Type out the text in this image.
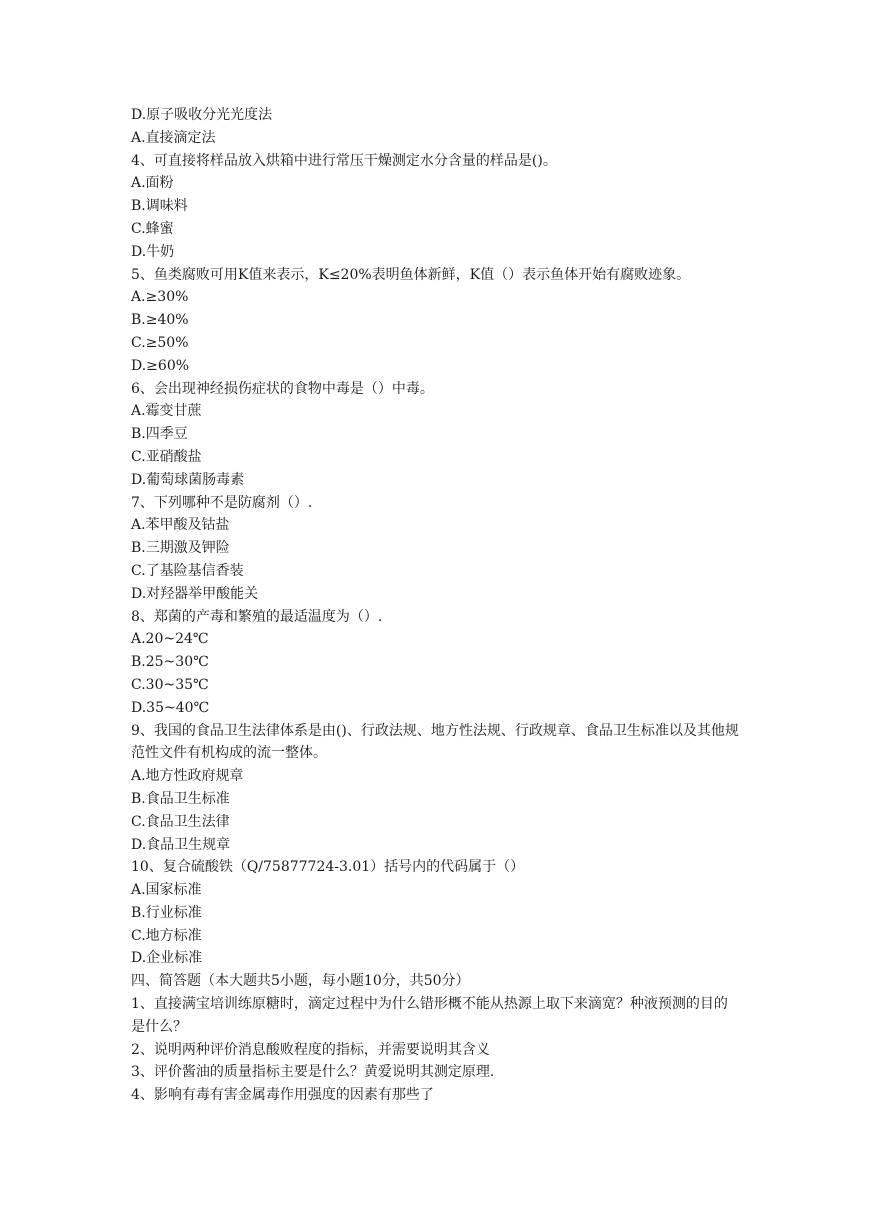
D.原子吸收分光光度法
A.直接滴定法
4、可直接将样品放入烘箱中进行常压干燥测定水分含量的样品是()。
A.面粉
B.调味料
C.蜂蜜
D.牛奶
5、鱼类腐败可用K值来表示，K≤20%表明鱼体新鲜，K值（）表示鱼体开始有腐败迹象。
A.≥30%
B.≥40%
C.≥50%
D.≥60%
6、会出现神经损伤症状的食物中毒是（）中毒。
A.霉变甘蔗
B.四季豆
C.亚硝酸盐
D.葡萄球菌肠毒素
7、下列哪种不是防腐剂（）.
A.苯甲酸及钴盐
B.三期激及钾险
C.了基险基信香装
D.对羟器举甲酸能关
8、郑菌的产毒和繁殖的最适温度为（）.
A.20~24℃
B.25~30℃
C.30~35℃
D.35~40℃
9、我国的食品卫生法律体系是由()、行政法规、地方性法规、行政规章、食品卫生标准以及其他规范性文件有机构成的流一整体。
A.地方性政府规章
B.食品卫生标准
C.食品卫生法律
D.食品卫生规章
10、复合硫酸铁（Q/75877724-3.01）括号内的代码属于（）
A.国家标准
B.行业标准
C.地方标准
D.企业标准
四、简答题（本大题共5小题，每小题10分，共50分）
1、直接满宝培训练原糖时，滴定过程中为什么错形概不能从热源上取下来滴宽？种液预测的目的是什么？
2、说明两种评价消息酸败程度的指标，并需要说明其含义
3、评价酱油的质量指标主要是什么？黄爱说明其测定原理.
4、影响有毒有害金属毒作用强度的因素有那些了
